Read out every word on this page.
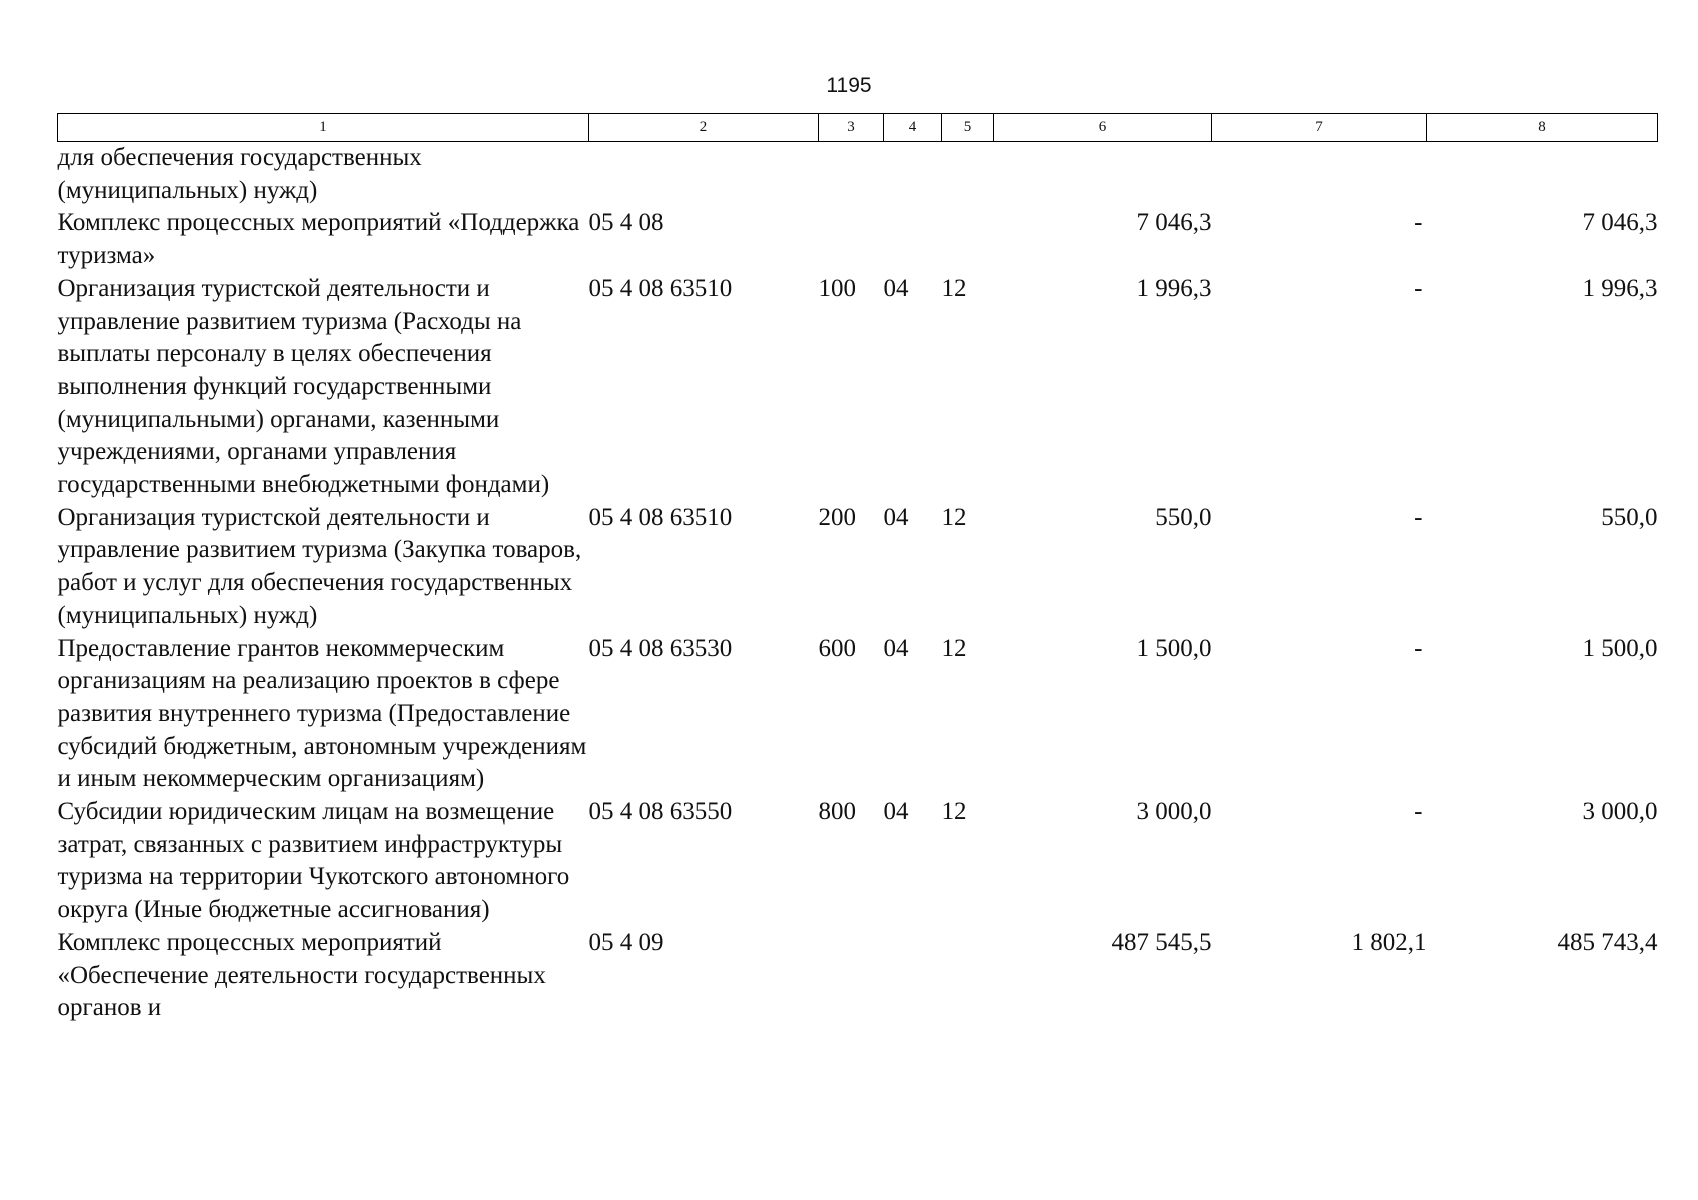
1195
1	2	3	4	5	6	7	8
для обеспечения государственных (муниципальных) нужд)							
Комплекс процессных мероприятий «Поддержка туризма»	05 4 08				7 046,3	-	7 046,3
Организация туристской деятельности и управление развитием туризма (Расходы на выплаты персоналу в целях обеспечения выполнения функций государственными (муниципальными) органами, казенными учреждениями, органами управления государственными внебюджетными фондами)	05 4 08 63510	100	04	12	1 996,3	-	1 996,3
Организация туристской деятельности и управление развитием туризма (Закупка товаров, работ и услуг для обеспечения государственных (муниципальных) нужд)	05 4 08 63510	200	04	12	550,0	-	550,0
Предоставление грантов некоммерческим организациям на реализацию проектов в сфере развития внутреннего туризма (Предоставление субсидий бюджетным, автономным учреждениям и иным некоммерческим организациям)	05 4 08 63530	600	04	12	1 500,0	-	1 500,0
Субсидии юридическим лицам на возмещение затрат, связанных с развитием инфраструктуры туризма на территории Чукотского автономного округа (Иные бюджетные ассигнования)	05 4 08 63550	800	04	12	3 000,0	-	3 000,0
Комплекс процессных мероприятий «Обеспечение деятельности государственных органов и	05 4 09				487 545,5	1 802,1	485 743,4
